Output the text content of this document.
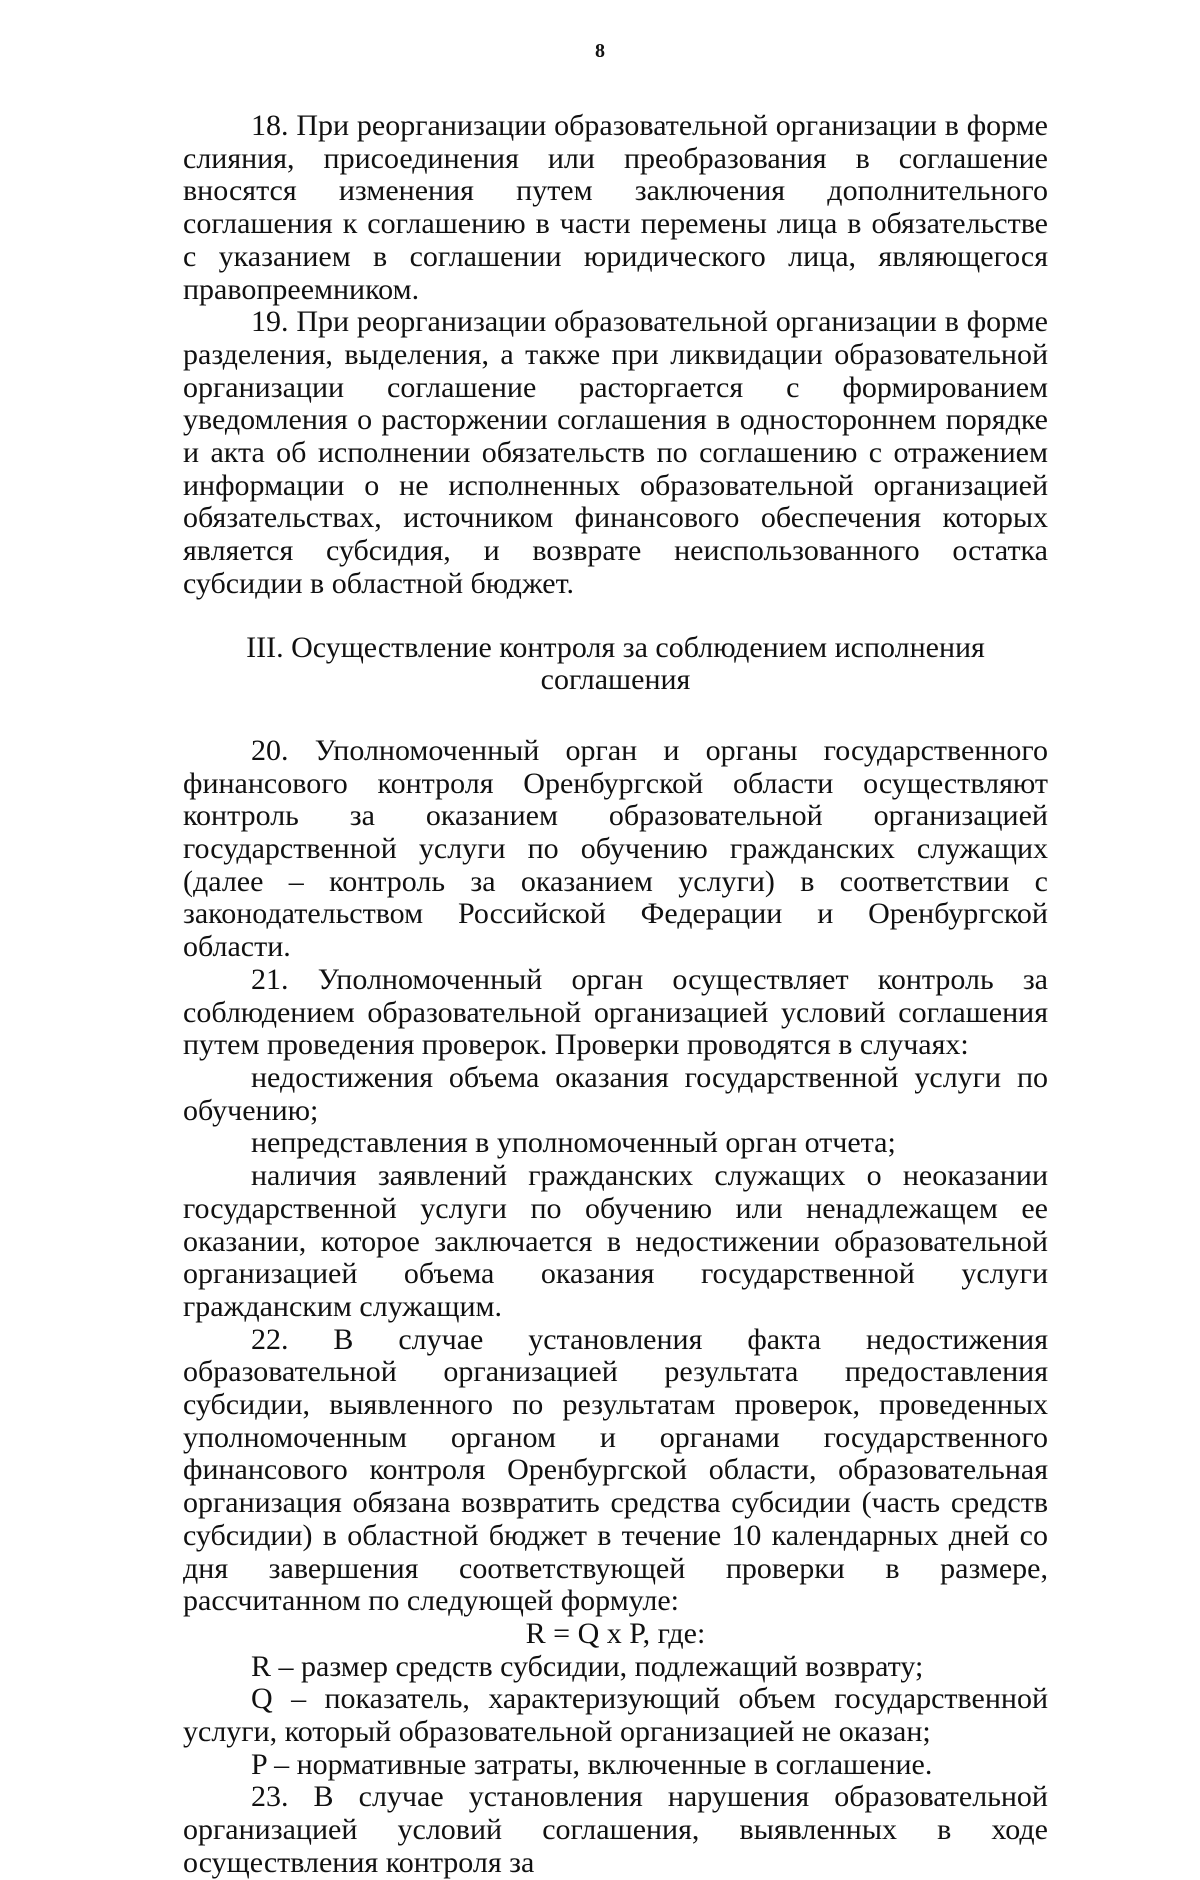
8

18. При реорганизации образовательной организации в форме слияния, присоединения или преобразования в соглашение вносятся изменения путем заключения дополнительного соглашения к соглашению в части перемены лица в обязательстве с указанием в соглашении юридического лица, являющегося правопреемником.

19. При реорганизации образовательной организации в форме разделения, выделения, а также при ликвидации образовательной организации соглашение расторгается с формированием уведомления о расторжении соглашения в одностороннем порядке и акта об исполнении обязательств по соглашению с отражением информации о не исполненных образовательной организацией обязательствах, источником финансового обеспечения которых является субсидия, и возврате неиспользованного остатка субсидии в областной бюджет.

III. Осуществление контроля за соблюдением исполнения соглашения

20. Уполномоченный орган и органы государственного финансового контроля Оренбургской области осуществляют контроль за оказанием образовательной организацией государственной услуги по обучению гражданских служащих (далее – контроль за оказанием услуги) в соответствии с законодательством Российской Федерации и Оренбургской области.

21. Уполномоченный орган осуществляет контроль за соблюдением образовательной организацией условий соглашения путем проведения проверок. Проверки проводятся в случаях:

недостижения объема оказания государственной услуги по обучению;

непредставления в уполномоченный орган отчета;

наличия заявлений гражданских служащих о неоказании государственной услуги по обучению или ненадлежащем ее оказании, которое заключается в недостижении образовательной организацией объема оказания государственной услуги гражданским служащим.

22. В случае установления факта недостижения образовательной организацией результата предоставления субсидии, выявленного по результатам проверок, проведенных уполномоченным органом и органами государственного финансового контроля Оренбургской области, образовательная организация обязана возвратить средства субсидии (часть средств субсидии) в областной бюджет в течение 10 календарных дней со дня завершения соответствующей проверки в размере, рассчитанном по следующей формуле:

R = Q x P, где:

R – размер средств субсидии, подлежащий возврату;

Q – показатель, характеризующий объем государственной услуги, который образовательной организацией не оказан;

P – нормативные затраты, включенные в соглашение.

23. В случае установления нарушения образовательной организацией условий соглашения, выявленных в ходе осуществления контроля за
